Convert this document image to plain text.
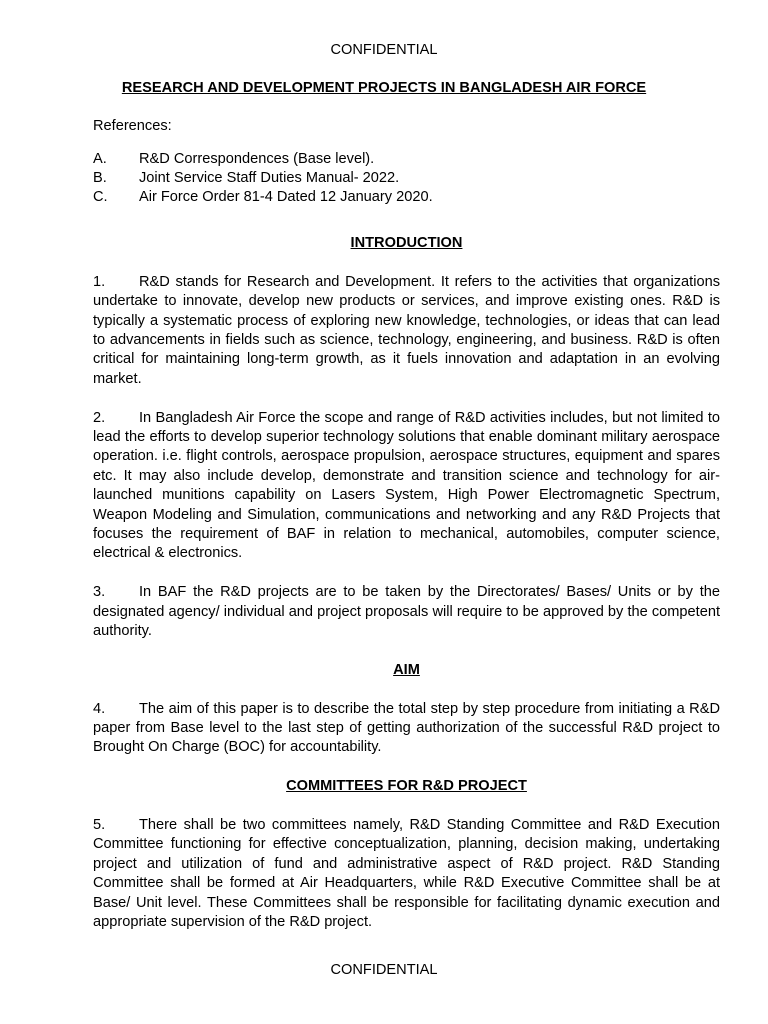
CONFIDENTIAL
RESEARCH AND DEVELOPMENT PROJECTS IN BANGLADESH AIR FORCE
References:
A.	R&D Correspondences (Base level).
B.	Joint Service Staff Duties Manual- 2022.
C.	Air Force Order 81-4 Dated 12 January 2020.
INTRODUCTION

1. R&D stands for Research and Development. It refers to the activities that organizations undertake to innovate, develop new products or services, and improve existing ones. R&D is typically a systematic process of exploring new knowledge, technologies, or ideas that can lead to advancements in fields such as science, technology, engineering, and business. R&D is often critical for maintaining long-term growth, as it fuels innovation and adaptation in an evolving market.

2. In Bangladesh Air Force the scope and range of R&D activities includes, but not limited to lead the efforts to develop superior technology solutions that enable dominant military aerospace operation. i.e. flight controls, aerospace propulsion, aerospace structures, equipment and spares etc. It may also include develop, demonstrate and transition science and technology for air- launched munitions capability on Lasers System, High Power Electromagnetic Spectrum, Weapon Modeling and Simulation, communications and networking and any R&D Projects that focuses the requirement of BAF in relation to mechanical, automobiles, computer science, electrical & electronics.

3. In BAF the R&D projects are to be taken by the Directorates/ Bases/ Units or by the designated agency/ individual and project proposals will require to be approved by the competent authority.

AIM

4. The aim of this paper is to describe the total step by step procedure from initiating a R&D paper from Base level to the last step of getting authorization of the successful R&D project to Brought On Charge (BOC) for accountability.

COMMITTEES FOR R&D PROJECT

5. There shall be two committees namely, R&D Standing Committee and R&D Execution Committee functioning for effective conceptualization, planning, decision making, undertaking project and utilization of fund and administrative aspect of R&D project. R&D Standing Committee shall be formed at Air Headquarters, while R&D Executive Committee shall be at Base/ Unit level. These Committees shall be responsible for facilitating dynamic execution and appropriate supervision of the R&D project.

CONFIDENTIAL
